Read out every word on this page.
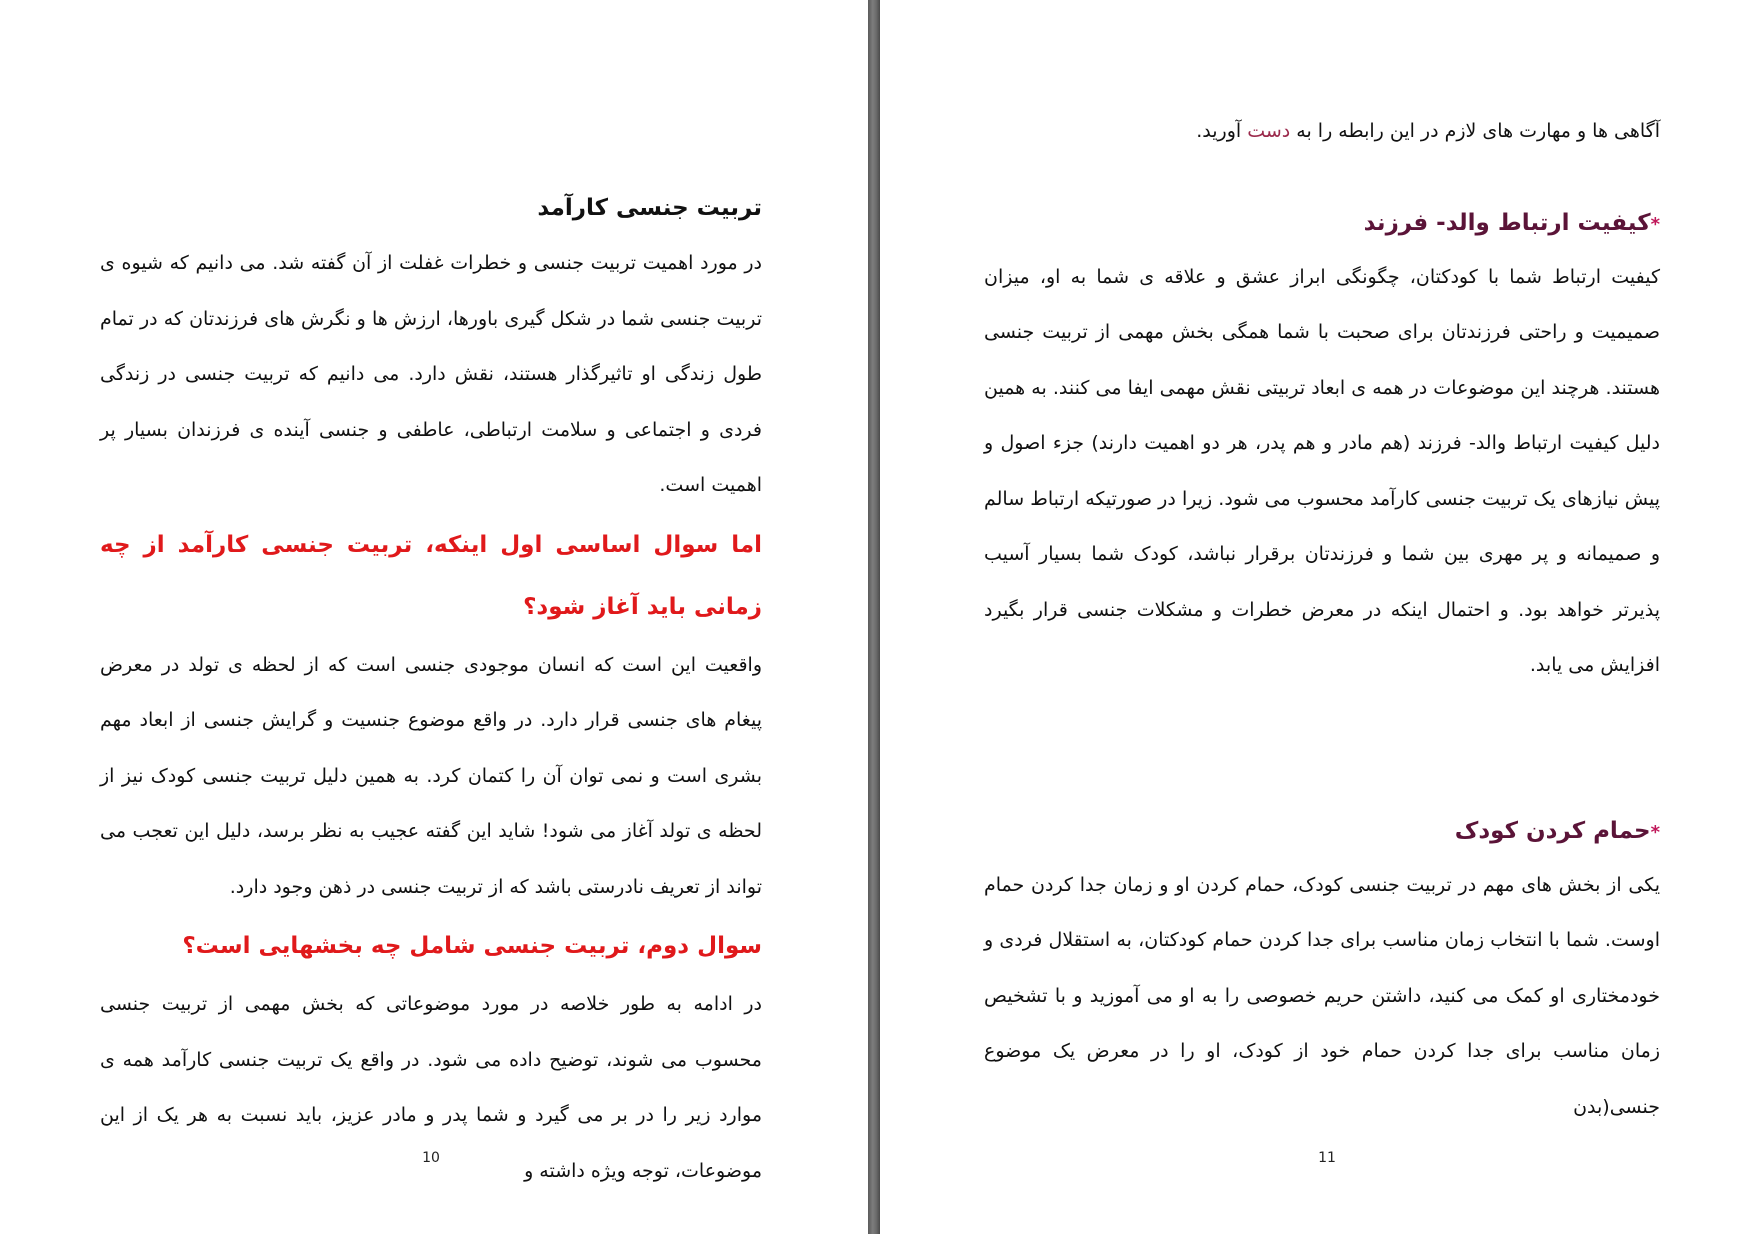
تربیت جنسی کارآمد

در مورد اهمیت تربیت جنسی و خطرات غفلت از آن گفته شد. می دانیم که شیوه ی تربیت جنسی شما در شکل گیری باورها، ارزش ها و نگرش های فرزندتان که در تمام طول زندگی او تاثیرگذار هستند، نقش دارد. می دانیم که تربیت جنسی در زندگی فردی و اجتماعی و سلامت ارتباطی، عاطفی و جنسی آینده ی فرزندان بسیار پر اهمیت است.

اما سوال اساسی اول اینکه، تربیت جنسی کارآمد از چه زمانی باید آغاز شود؟

واقعیت این است که انسان موجودی جنسی است که از لحظه ی تولد در معرض پیغام های جنسی قرار دارد. در واقع موضوع جنسیت و گرایش جنسی از ابعاد مهم بشری است و نمی توان آن را کتمان کرد. به همین دلیل تربیت جنسی کودک نیز از لحظه ی تولد آغاز می شود! شاید این گفته عجیب به نظر برسد، دلیل این تعجب می تواند از تعریف نادرستی باشد که از تربیت جنسی در ذهن وجود دارد.

سوال دوم، تربیت جنسی شامل چه بخشهایی است؟

در ادامه به طور خلاصه در مورد موضوعاتی که بخش مهمی از تربیت جنسی محسوب می شوند، توضیح داده می شود. در واقع یک تربیت جنسی کارآمد همه ی موارد زیر را در بر می گیرد و شما پدر و مادر عزیز، باید نسبت به هر یک از این موضوعات، توجه ویژه داشته و

10

آگاهی ها و مهارت های لازم در این رابطه را به دست آورید.

*کیفیت ارتباط والد- فرزند

کیفیت ارتباط شما با کودکتان، چگونگی ابراز عشق و علاقه ی شما به او، میزان صمیمیت و راحتی فرزندتان برای صحبت با شما همگی بخش مهمی از تربیت جنسی هستند. هرچند این موضوعات در همه ی ابعاد تربیتی نقش مهمی ایفا می کنند. به همین دلیل کیفیت ارتباط والد- فرزند (هم مادر و هم پدر، هر دو اهمیت دارند) جزء اصول و پیش نیازهای یک تربیت جنسی کارآمد محسوب می شود. زیرا در صورتیکه ارتباط سالم و صمیمانه و پر مهری بین شما و فرزندتان برقرار نباشد، کودک شما بسیار آسیب پذیرتر خواهد بود. و احتمال اینکه در معرض خطرات و مشکلات جنسی قرار بگیرد افزایش می یابد.

*حمام کردن کودک

یکی از بخش های مهم در تربیت جنسی کودک، حمام کردن او و زمان جدا کردن حمام اوست. شما با انتخاب زمان مناسب برای جدا کردن حمام کودکتان، به استقلال فردی و خودمختاری او کمک می کنید، داشتن حریم خصوصی را به او می آموزید و با تشخیص زمان مناسب برای جدا کردن حمام خود از کودک، او را در معرض یک موضوع جنسی(بدن

11
